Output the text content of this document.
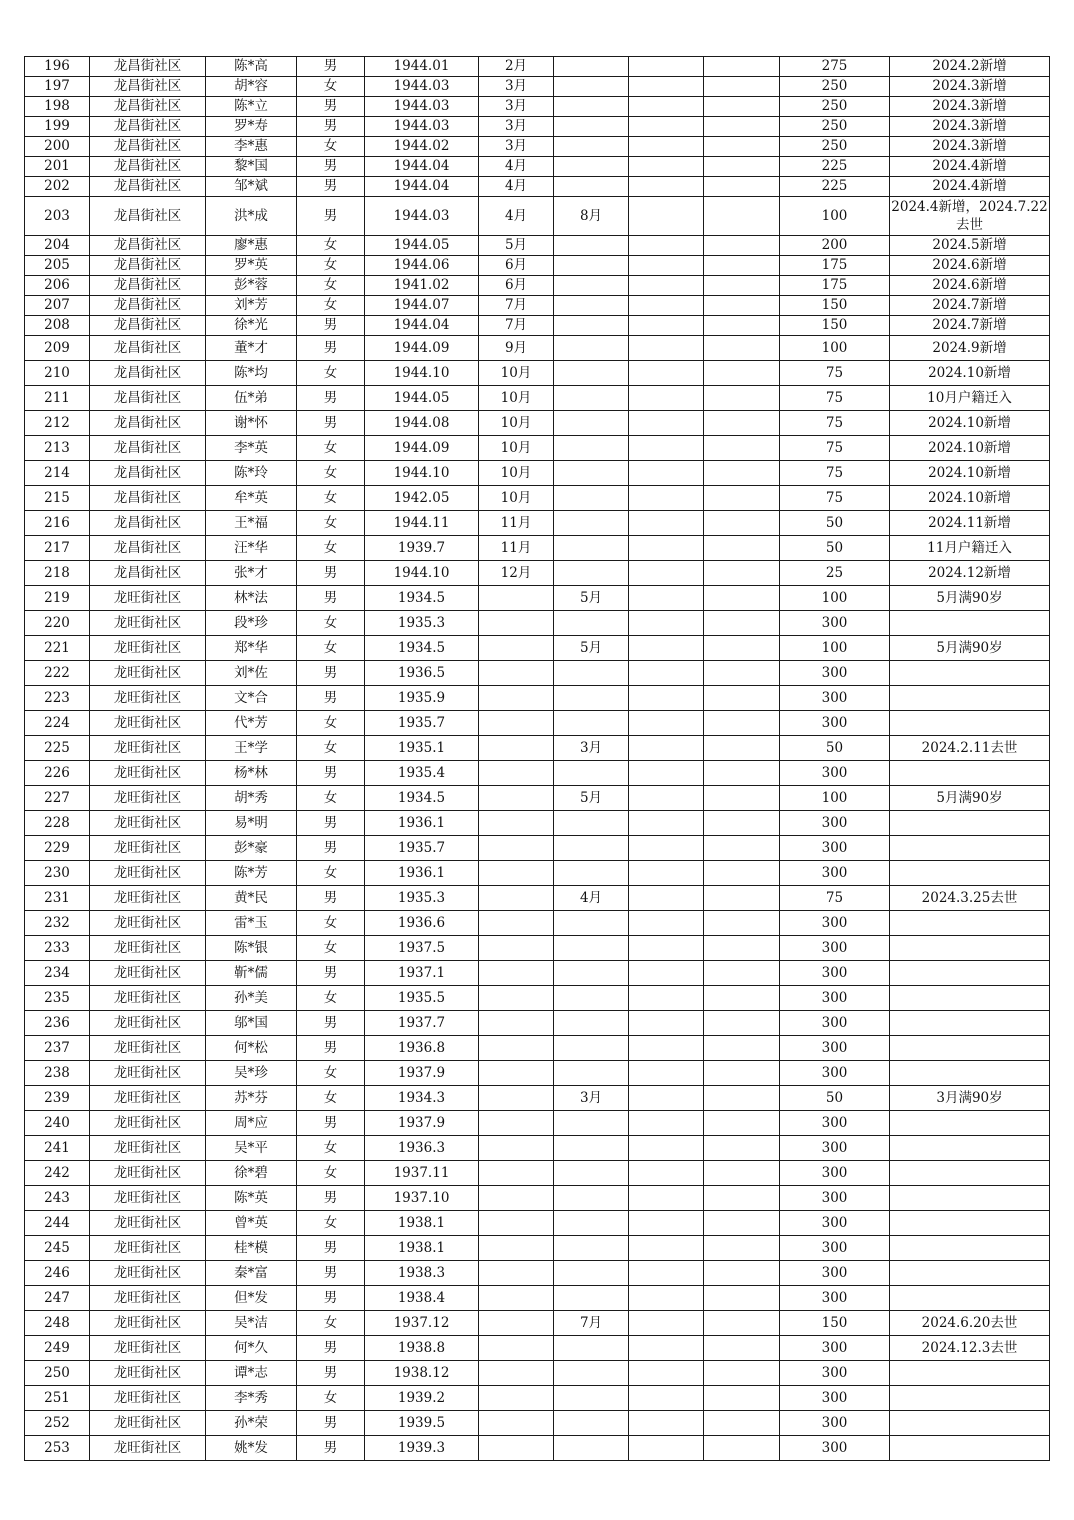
196	龙昌街社区	陈*高	男	1944.01	2月				275	2024.2新增
197	龙昌街社区	胡*容	女	1944.03	3月				250	2024.3新增
198	龙昌街社区	陈*立	男	1944.03	3月				250	2024.3新增
199	龙昌街社区	罗*寿	男	1944.03	3月				250	2024.3新增
200	龙昌街社区	李*惠	女	1944.02	3月				250	2024.3新增
201	龙昌街社区	黎*国	男	1944.04	4月				225	2024.4新增
202	龙昌街社区	邹*斌	男	1944.04	4月				225	2024.4新增
203	龙昌街社区	洪*成	男	1944.03	4月	8月			100	2024.4新增，2024.7.22去世
204	龙昌街社区	廖*惠	女	1944.05	5月				200	2024.5新增
205	龙昌街社区	罗*英	女	1944.06	6月				175	2024.6新增
206	龙昌街社区	彭*蓉	女	1941.02	6月				175	2024.6新增
207	龙昌街社区	刘*芳	女	1944.07	7月				150	2024.7新增
208	龙昌街社区	徐*光	男	1944.04	7月				150	2024.7新增
209	龙昌街社区	董*才	男	1944.09	9月				100	2024.9新增
210	龙昌街社区	陈*均	女	1944.10	10月				75	2024.10新增
211	龙昌街社区	伍*弟	男	1944.05	10月				75	10月户籍迁入
212	龙昌街社区	谢*怀	男	1944.08	10月				75	2024.10新增
213	龙昌街社区	李*英	女	1944.09	10月				75	2024.10新增
214	龙昌街社区	陈*玲	女	1944.10	10月				75	2024.10新增
215	龙昌街社区	牟*英	女	1942.05	10月				75	2024.10新增
216	龙昌街社区	王*福	女	1944.11	11月				50	2024.11新增
217	龙昌街社区	汪*华	女	1939.7	11月				50	11月户籍迁入
218	龙昌街社区	张*才	男	1944.10	12月				25	2024.12新增
219	龙旺街社区	林*法	男	1934.5		5月			100	5月满90岁
220	龙旺街社区	段*珍	女	1935.3					300	
221	龙旺街社区	郑*华	女	1934.5		5月			100	5月满90岁
222	龙旺街社区	刘*佐	男	1936.5					300	
223	龙旺街社区	文*合	男	1935.9					300	
224	龙旺街社区	代*芳	女	1935.7					300	
225	龙旺街社区	王*学	女	1935.1		3月			50	2024.2.11去世
226	龙旺街社区	杨*林	男	1935.4					300	
227	龙旺街社区	胡*秀	女	1934.5		5月			100	5月满90岁
228	龙旺街社区	易*明	男	1936.1					300	
229	龙旺街社区	彭*豪	男	1935.7					300	
230	龙旺街社区	陈*芳	女	1936.1					300	
231	龙旺街社区	黄*民	男	1935.3		4月			75	2024.3.25去世
232	龙旺街社区	雷*玉	女	1936.6					300	
233	龙旺街社区	陈*银	女	1937.5					300	
234	龙旺街社区	靳*儒	男	1937.1					300	
235	龙旺街社区	孙*美	女	1935.5					300	
236	龙旺街社区	邬*国	男	1937.7					300	
237	龙旺街社区	何*松	男	1936.8					300	
238	龙旺街社区	吴*珍	女	1937.9					300	
239	龙旺街社区	苏*芬	女	1934.3		3月			50	3月满90岁
240	龙旺街社区	周*应	男	1937.9					300	
241	龙旺街社区	吴*平	女	1936.3					300	
242	龙旺街社区	徐*碧	女	1937.11					300	
243	龙旺街社区	陈*英	男	1937.10					300	
244	龙旺街社区	曾*英	女	1938.1					300	
245	龙旺街社区	桂*模	男	1938.1					300	
246	龙旺街社区	秦*富	男	1938.3					300	
247	龙旺街社区	但*发	男	1938.4					300	
248	龙旺街社区	吴*洁	女	1937.12		7月			150	2024.6.20去世
249	龙旺街社区	何*久	男	1938.8					300	2024.12.3去世
250	龙旺街社区	谭*志	男	1938.12					300	
251	龙旺街社区	李*秀	女	1939.2					300	
252	龙旺街社区	孙*荣	男	1939.5					300	
253	龙旺街社区	姚*发	男	1939.3					300	
